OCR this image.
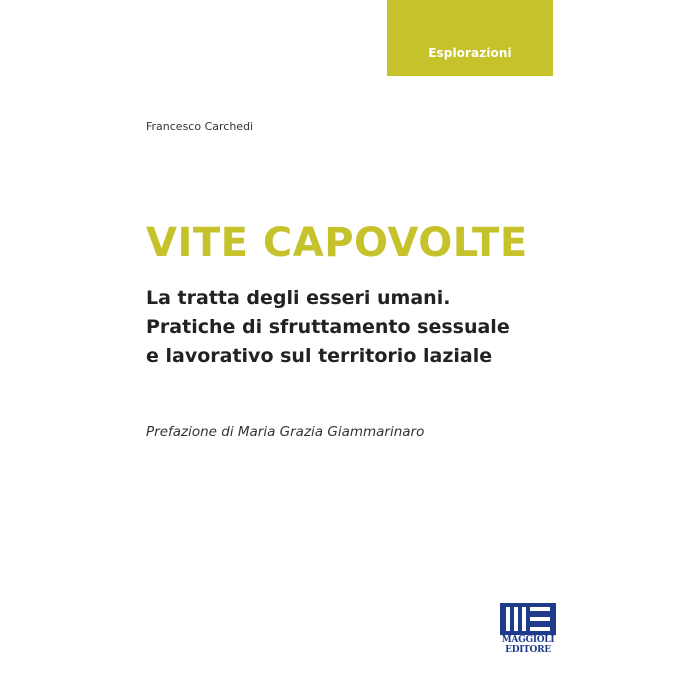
Esplorazioni
Francesco Carchedi
VITE CAPOVOLTE
La tratta degli esseri umani.
Pratiche di sfruttamento sessuale
e lavorativo sul territorio laziale
Prefazione di Maria Grazia Giammarinaro
MAGGIOLI
EDITORE
